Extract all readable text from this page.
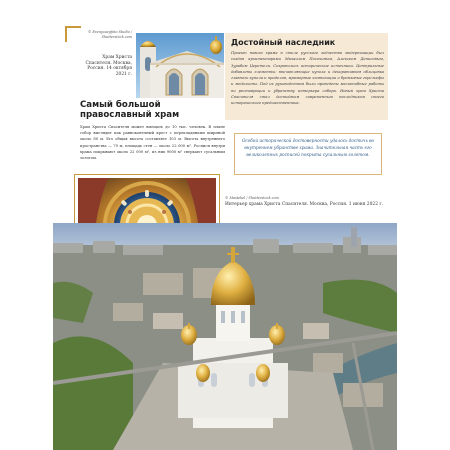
© Evenyzaegfoto Studio / Shutterstock.com
Храм Христа Спасителя. Москва, Россия. 14 октября 2021 г.
Достойный наследник
Проект нового храма в стиле русского зодчества модернизации был создан архитекторами Михаилом Посохиным, Алексеем Денисовым, Зурабом Церетели. Сохранились исторические источники. Центральные добавлены элементы: впечатляющие купола и декоративная облицовка главного купола и приделов, мраморные композиции и бронзовые горельефы и медальоны. Под их руководством были проведены масштабные работы по реставрации и убранству интерьера собора. Новый храм Христа Спасителя стал достойным современным наследником своего исторического предшественника.
Самый большой православный храм
Храм Христа Спасителя может вмещать до 10 тыс. человек. В плане собор выглядит как равноконечный крест с перекладинами шириной около 80 м. Его общая высота составляет 103 м. Высота внутреннего пространства — 79 м, площадь стен — около 22 000 м². Росписи внутри храма покрывают около 22 000 м², из них 9000 м² сверкают сусальным золотом.
Особой исторической достоверности удалось достичь во внутреннем убранстве храма. Значительная часть его великолепных росписей покрыта сусальным золотом.
© Mastekel / Shutterstock.com
Интерьер храма Христа Спасителя. Москва, Россия. 1 июня 2022 г.
